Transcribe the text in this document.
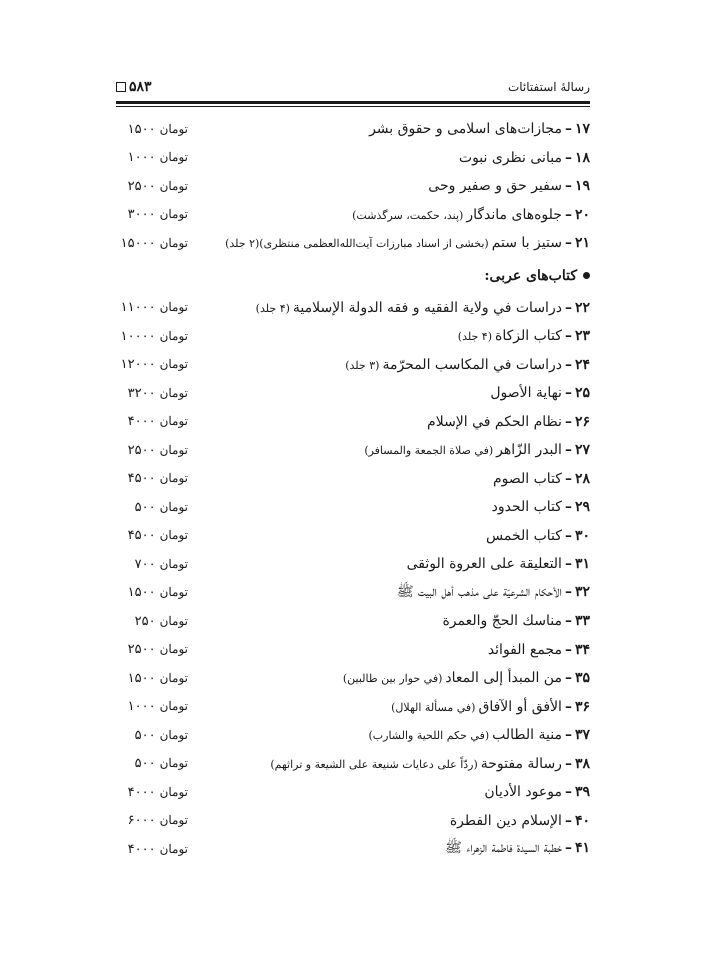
رسالۀ استفتائات
۵۸۳
۱۷
–
مجازات‌های اسلامی و حقوق بشر
تومان
۱۵۰۰
۱۸
–
مبانی نظری نبوت
تومان
۱۰۰۰
۱۹
–
سفیر حق و صفیر وحی
تومان
۲۵۰۰
۲۰
–
جلوه‌های ماندگار
(پند، حکمت، سرگذشت)
تومان
۳۰۰۰
۲۱
–
ستیز با ستم
(بخشی از اسناد مبارزات آیت‌الله‌العظمی منتظری)(۲ جلد)
تومان
۱۵۰۰۰
کتاب‌های عربی:
۲۲
–
دراسات في ولاية الفقيه و فقه الدولة الإسلامية
(۴ جلد)
تومان
۱۱۰۰۰
۲۳
–
كتاب الزكاة
(۴ جلد)
تومان
۱۰۰۰۰
۲۴
–
دراسات في المكاسب المحرّمة
(۳ جلد)
تومان
۱۲۰۰۰
۲۵
–
نهاية الأصول
تومان
۳۲۰۰
۲۶
–
نظام الحكم في الإسلام
تومان
۴۰۰۰
۲۷
–
البدر الزّاهر
(في صلاة الجمعة والمسافر)
تومان
۲۵۰۰
۲۸
–
كتاب الصوم
تومان
۴۵۰۰
۲۹
–
كتاب الحدود
تومان
۵۰۰
۳۰
–
كتاب الخمس
تومان
۴۵۰۰
۳۱
–
التعليقة على العروة الوثقى
تومان
۷۰۰
۳۲
–
الأحكام الشرعيّة على مذهب أهل البيت ﷺ
تومان
۱۵۰۰
۳۳
–
مناسك الحجّ والعمرة
تومان
۲۵۰
۳۴
–
مجمع الفوائد
تومان
۲۵۰۰
۳۵
–
من المبدأ إلى المعاد
(في حوار بين طالبين)
تومان
۱۵۰۰
۳۶
–
الأفق أو الآفاق
(في مسألة الهلال)
تومان
۱۰۰۰
۳۷
–
منية الطالب
(في حكم اللحية والشارب)
تومان
۵۰۰
۳۸
–
رسالة مفتوحة
(ردّاً على دعايات شنيعة على الشيعة و تراثهم)
تومان
۵۰۰
۳۹
–
موعود الأديان
تومان
۴۰۰۰
۴۰
–
الإسلام دين الفطرة
تومان
۶۰۰۰
۴۱
–
خطبة السيدة فاطمة الزهراء ﷺ
تومان
۴۰۰۰
